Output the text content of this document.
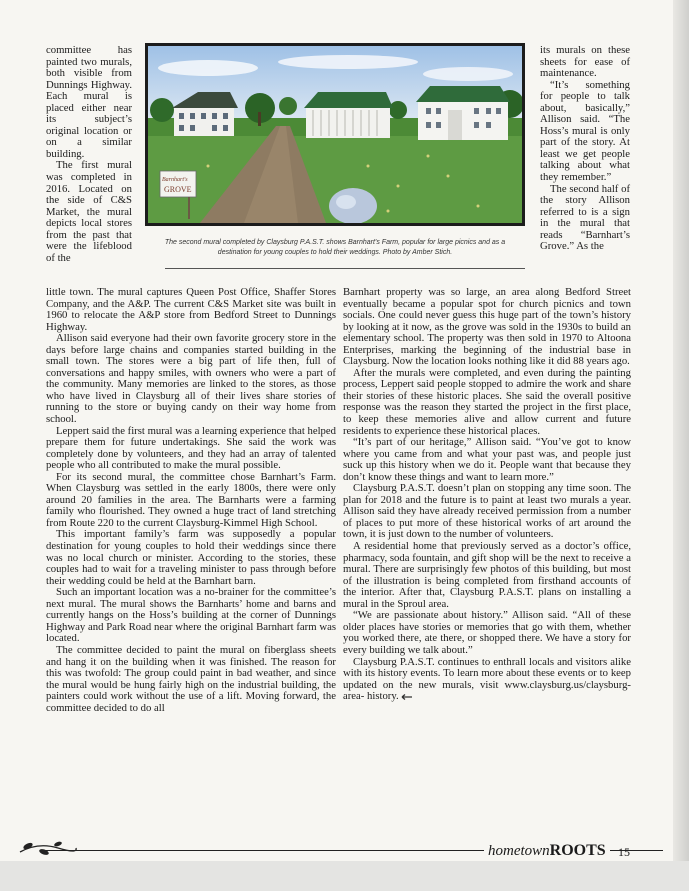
committee has painted two murals, both visible from Dunnings Highway. Each mural is placed either near its subject’s original location or on a similar building.

The first mural was completed in 2016. Located on the side of C&S Market, the mural depicts local stores from the past that were the lifeblood of the

little town. The mural captures Queen Post Office, Shaffer Stores Company, and the A&P. The current C&S Market site was built in 1960 to relocate the A&P store from Bedford Street to Dunnings Highway.

Allison said everyone had their own favorite grocery store in the days before large chains and companies started building in the small town. The stores were a big part of life then, full of conversations and happy smiles, with owners who were a part of the community. Many memories are linked to the stores, as those who have lived in Claysburg all of their lives share stories of running to the store or buying candy on their way home from school.

Leppert said the first mural was a learning experience that helped prepare them for future undertakings. She said the work was completely done by volunteers, and they had an array of talented people who all contributed to make the mural possible.

For its second mural, the committee chose Barnhart’s Farm. When Claysburg was settled in the early 1800s, there were only around 20 families in the area. The Barnharts were a farming family who flourished. They owned a huge tract of land stretching from Route 220 to the current Claysburg-Kimmel High School.

This important family’s farm was supposedly a popular destination for young couples to hold their weddings since there was no local church or minister. According to the stories, these couples had to wait for a traveling minister to pass through before their wedding could be held at the Barnhart barn.

Such an important location was a no-brainer for the committee’s next mural. The mural shows the Barnharts’ home and barns and currently hangs on the Hoss’s building at the corner of Dunnings Highway and Park Road near where the original Barnhart farm was located.

The committee decided to paint the mural on fiberglass sheets and hang it on the building when it was finished. The reason for this was twofold: The group could paint in bad weather, and since the mural would be hung fairly high on the industrial building, the painters could work without the use of a lift. Moving forward, the committee decided to do all

its murals on these sheets for ease of maintenance.

“It’s something for people to talk about, basically,” Allison said. “The Hoss’s mural is only part of the story. At least we get people talking about what they remember.”

The second half of the story Allison referred to is a sign in the mural that reads “Barnhart’s Grove.” As the

Barnhart property was so large, an area along Bedford Street eventually became a popular spot for church picnics and town socials. One could never guess this huge part of the town’s history by looking at it now, as the grove was sold in the 1930s to build an elementary school. The property was then sold in 1970 to Altoona Enterprises, marking the beginning of the industrial base in Claysburg. Now the location looks nothing like it did 88 years ago.

After the murals were completed, and even during the painting process, Leppert said people stopped to admire the work and share their stories of these historic places. She said the overall positive response was the reason they started the project in the first place, to keep these memories alive and allow current and future residents to experience these historical places.

“It’s part of our heritage,” Allison said. “You’ve got to know where you came from and what your past was, and people just suck up this history when we do it. People want that because they don’t know these things and want to learn more.”

Claysburg P.A.S.T. doesn’t plan on stopping any time soon. The plan for 2018 and the future is to paint at least two murals a year. Allison said they have already received permission from a number of places to put more of these historical works of art around the town, it is just down to the number of volunteers.

A residential home that previously served as a doctor’s office, pharmacy, soda fountain, and gift shop will be the next to receive a mural. There are surprisingly few photos of this building, but most of the illustration is being completed from firsthand accounts of the interior. After that, Claysburg P.A.S.T. plans on installing a mural in the Sproul area.

“We are passionate about history.” Allison said. “All of these older places have stories or memories that go with them, whether you worked there, ate there, or shopped there. We have a story for every building we talk about.”

Claysburg P.A.S.T. continues to enthrall locals and visitors alike with its history events. To learn more about these events or to keep updated on the new murals, visit www.claysburg.us/claysburg-area- history.

Barnhart's
GROVE
The second mural completed by Claysburg P.A.S.T. shows Barnhart’s Farm, popular for large picnics and as a destination for young couples to hold their weddings. Photo by Amber Stich.
hometownROOTS	15
